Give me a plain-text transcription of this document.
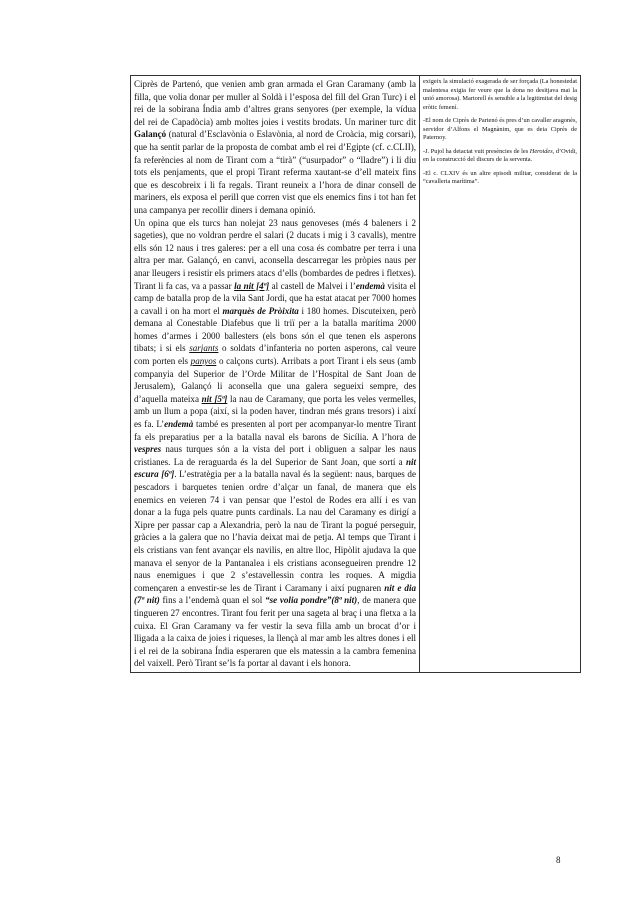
Ciprès de Partenó, que venien amb gran armada el Gran Caramany (amb la filla, que volia donar per muller al Soldà i l’esposa del fill del Gran Turc) i el rei de la sobirana Índia amb d’altres grans senyores (per exemple, la vídua del rei de Capadòcia) amb moltes joies i vestits brodats. Un mariner turc dit Galançó (natural d’Esclavònia o Eslavònia, al nord de Croàcia, mig corsari), que ha sentit parlar de la proposta de combat amb el rei d’Egipte (cf. c.CLII), fa referències al nom de Tirant com a “tirà” (“usurpador” o “lladre”) i li diu tots els penjaments, que el propi Tirant referma xautant-se d’ell mateix fins que es descobreix i li fa regals. Tirant reuneix a l’hora de dinar consell de mariners, els exposa el perill que corren vist que els enemics fins i tot han fet una campanya per recollir diners i demana opinió.

Un opina que els turcs han nolejat 23 naus genoveses (més 4 baleners i 2 sageties), que no voldran perdre el salari (2 ducats i mig i 3 cavalls), mentre ells són 12 naus i tres galeres: per a ell una cosa és combatre per terra i una altra per mar. Galançó, en canvi, aconsella descarregar les pròpies naus per anar lleugers i resistir els primers atacs d’ells (bombardes de pedres i fletxes). Tirant li fa cas, va a passar la nit [4ª] al castell de Malvei i l’endemà visita el camp de batalla prop de la vila Sant Jordi, que ha estat atacat per 7000 homes a cavall i on ha mort el marquès de Pròixita i 180 homes. Discuteixen, però demana al Conestable Diafebus que li triï per a la batalla marítima 2000 homes d’armes i 2000 ballesters (els bons són el que tenen els asperons tibats; i si els sarjants o soldats d’infanteria no porten asperons, cal veure com porten els panyos o calçons curts). Arribats a port Tirant i els seus (amb companyia del Superior de l’Orde Militar de l’Hospital de Sant Joan de Jerusalem), Galançó li aconsella que una galera segueixi sempre, des d’aquella mateixa nit [5ª] la nau de Caramany, que porta les veles vermelles, amb un llum a popa (així, si la poden haver, tindran més grans tresors) i així es fa. L’endemà també es presenten al port per acompanyar-lo mentre Tirant fa els preparatius per a la batalla naval els barons de Sicília. A l’hora de vespres naus turques són a la vista del port i obliguen a salpar les naus cristianes. La de reraguarda és la del Superior de Sant Joan, que sortí a nit escura [6ª]. L’estratègia per a la batalla naval és la següent: naus, barques de pescadors i barquetes tenien ordre d’alçar un fanal, de manera que els enemics en veieren 74 i van pensar que l’estol de Rodes era allí i es van donar a la fuga pels quatre punts cardinals. La nau del Caramany es dirigí a Xipre per passar cap a Alexandria, però la nau de Tirant la pogué perseguir, gràcies a la galera que no l’havia deixat mai de petja. Al temps que Tirant i els cristians van fent avançar els navilis, en altre lloc, Hipòlit ajudava la que manava el senyor de la Pantanalea i els cristians aconsegueiren prendre 12 naus enemigues i que 2 s’estavellessin contra les roques. A migdia començaren a envestir-se les de Tirant i Caramany i així pugnaren nit e dia (7ª nit) fins a l’endemà quan el sol “se volia pondre”(8ª nit), de manera que tingueren 27 encontres. Tirant fou ferit per una sageta al braç i una fletxa a la cuixa. El Gran Caramany va fer vestir la seva filla amb un brocat d’or i lligada a la caixa de joies i riqueses, la llençà al mar amb les altres dones i ell i el rei de la sobirana Índia esperaren que els matessin a la cambra femenina del vaixell. Però Tirant se’ls fa portar al davant i els honora.

exigeix la simulació exagerada de ser forçada (La honestedat malentesa exigia fer veure que la dona no desitjava mai la unió amorosa). Martorell és sensible a la legitimitat del desig eròtic femení.

-El nom de Ciprès de Partenó és pres d’un cavaller aragonès, servidor d’Alfons el Magnànim, que es deia Ciprès de Paternoy.

-J. Pujol ha detactat vuit presències de les Heroides, d’Ovidi, en la construcció del discurs de la serventa.

-El c. CLXIV és un altre episodi militar, considerat de la “cavalleria marítima”.

8
